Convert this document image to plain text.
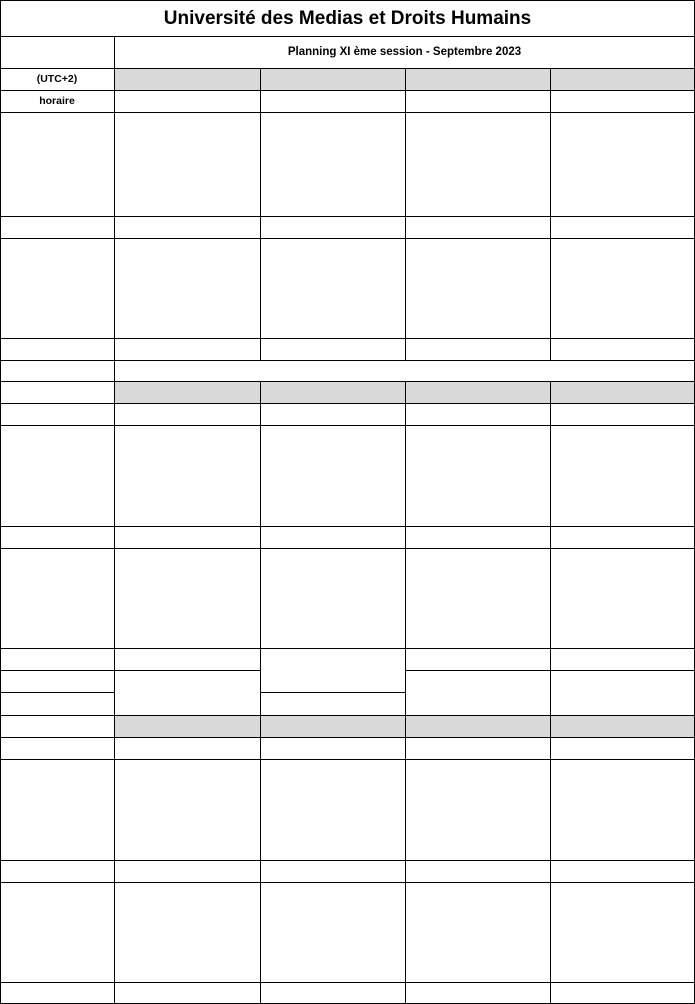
Université des Medias et Droits Humains
Planning XI ème session - Septembre 2023
(UTC+2)
horaire
